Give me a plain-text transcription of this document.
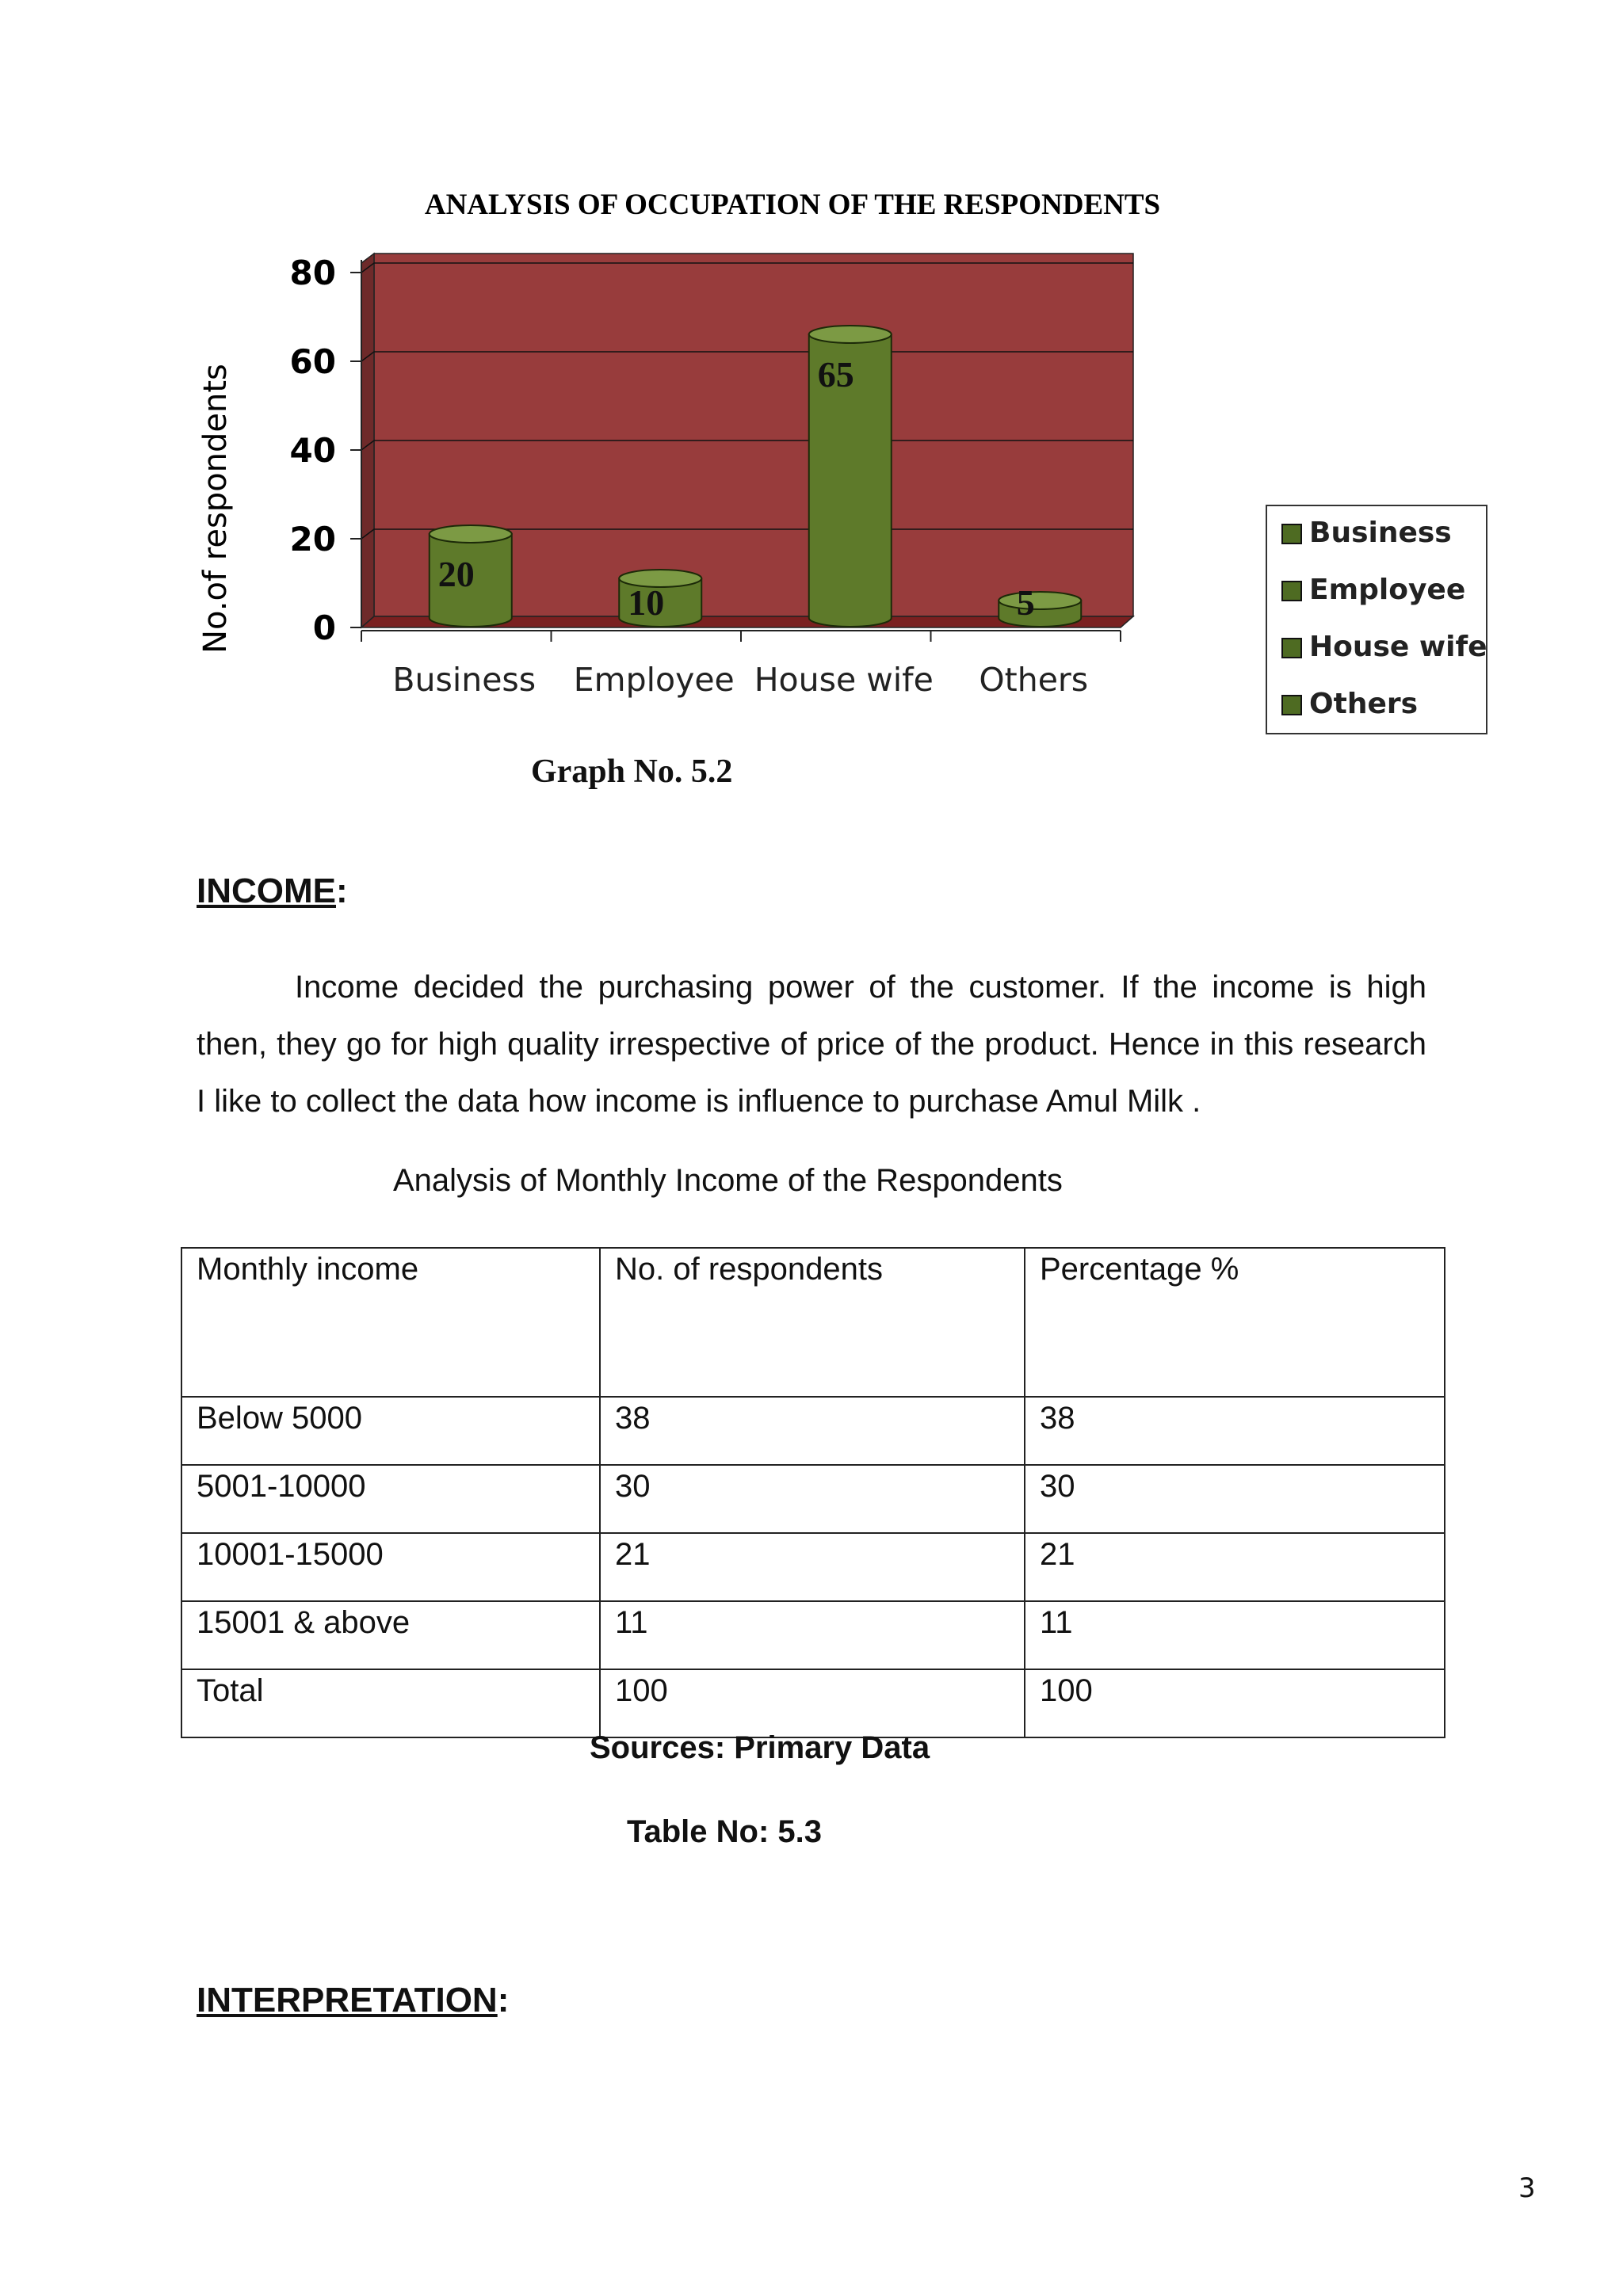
ANALYSIS OF OCCUPATION OF THE RESPONDENTS
No.of respondents 0
20
40
60
80
Business Employee House wife Others
20
10
65
5
Business
Employee
House wife
Others
Graph No. 5.2
INCOME:

Income decided the purchasing power of the customer. If the income is high then, they go for high quality irrespective of price of the product. Hence in this research I like to collect the data how income is influence to purchase Amul Milk .

Analysis of Monthly Income of the Respondents
Monthly income	No. of respondents	Percentage %
Below 5000	38	38
5001-10000	30	30
10001-15000	21	21
15001 & above	11	11
Total	100	100
Sources: Primary Data
Table No: 5.3
INTERPRETATION:
3
